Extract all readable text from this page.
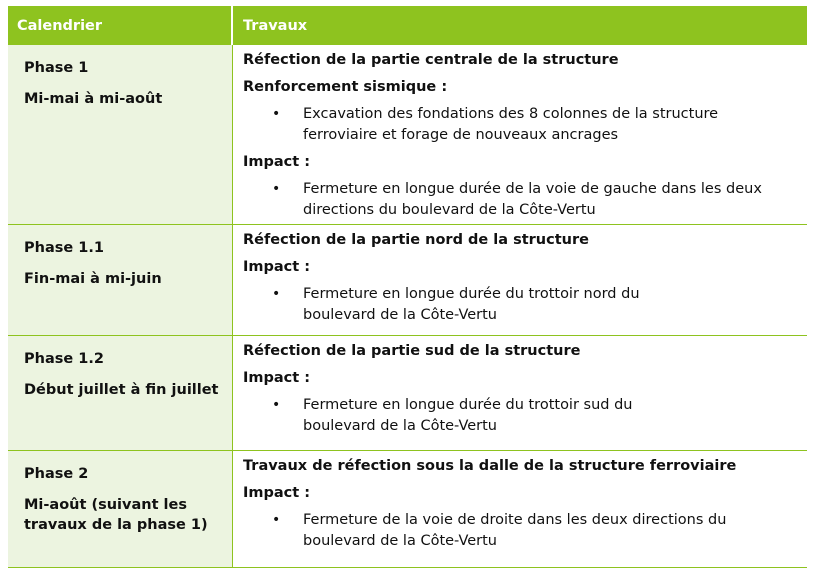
Calendrier	Travaux
Phase 1
Mi-mai à mi-août
Réfection de la partie centrale de la structure
Renforcement sismique :
• Excavation des fondations des 8 colonnes de la structure ferroviaire et forage de nouveaux ancrages
Impact :
• Fermeture en longue durée de la voie de gauche dans les deux directions du boulevard de la Côte-Vertu
Phase 1.1
Fin-mai à mi-juin
Réfection de la partie nord de la structure
Impact :
• Fermeture en longue durée du trottoir nord du boulevard de la Côte-Vertu
Phase 1.2
Début juillet à fin juillet
Réfection de la partie sud de la structure
Impact :
• Fermeture en longue durée du trottoir sud du boulevard de la Côte-Vertu
Phase 2
Mi-août (suivant les travaux de la phase 1)
Travaux de réfection sous la dalle de la structure ferroviaire
Impact :
• Fermeture de la voie de droite dans les deux directions du boulevard de la Côte-Vertu
